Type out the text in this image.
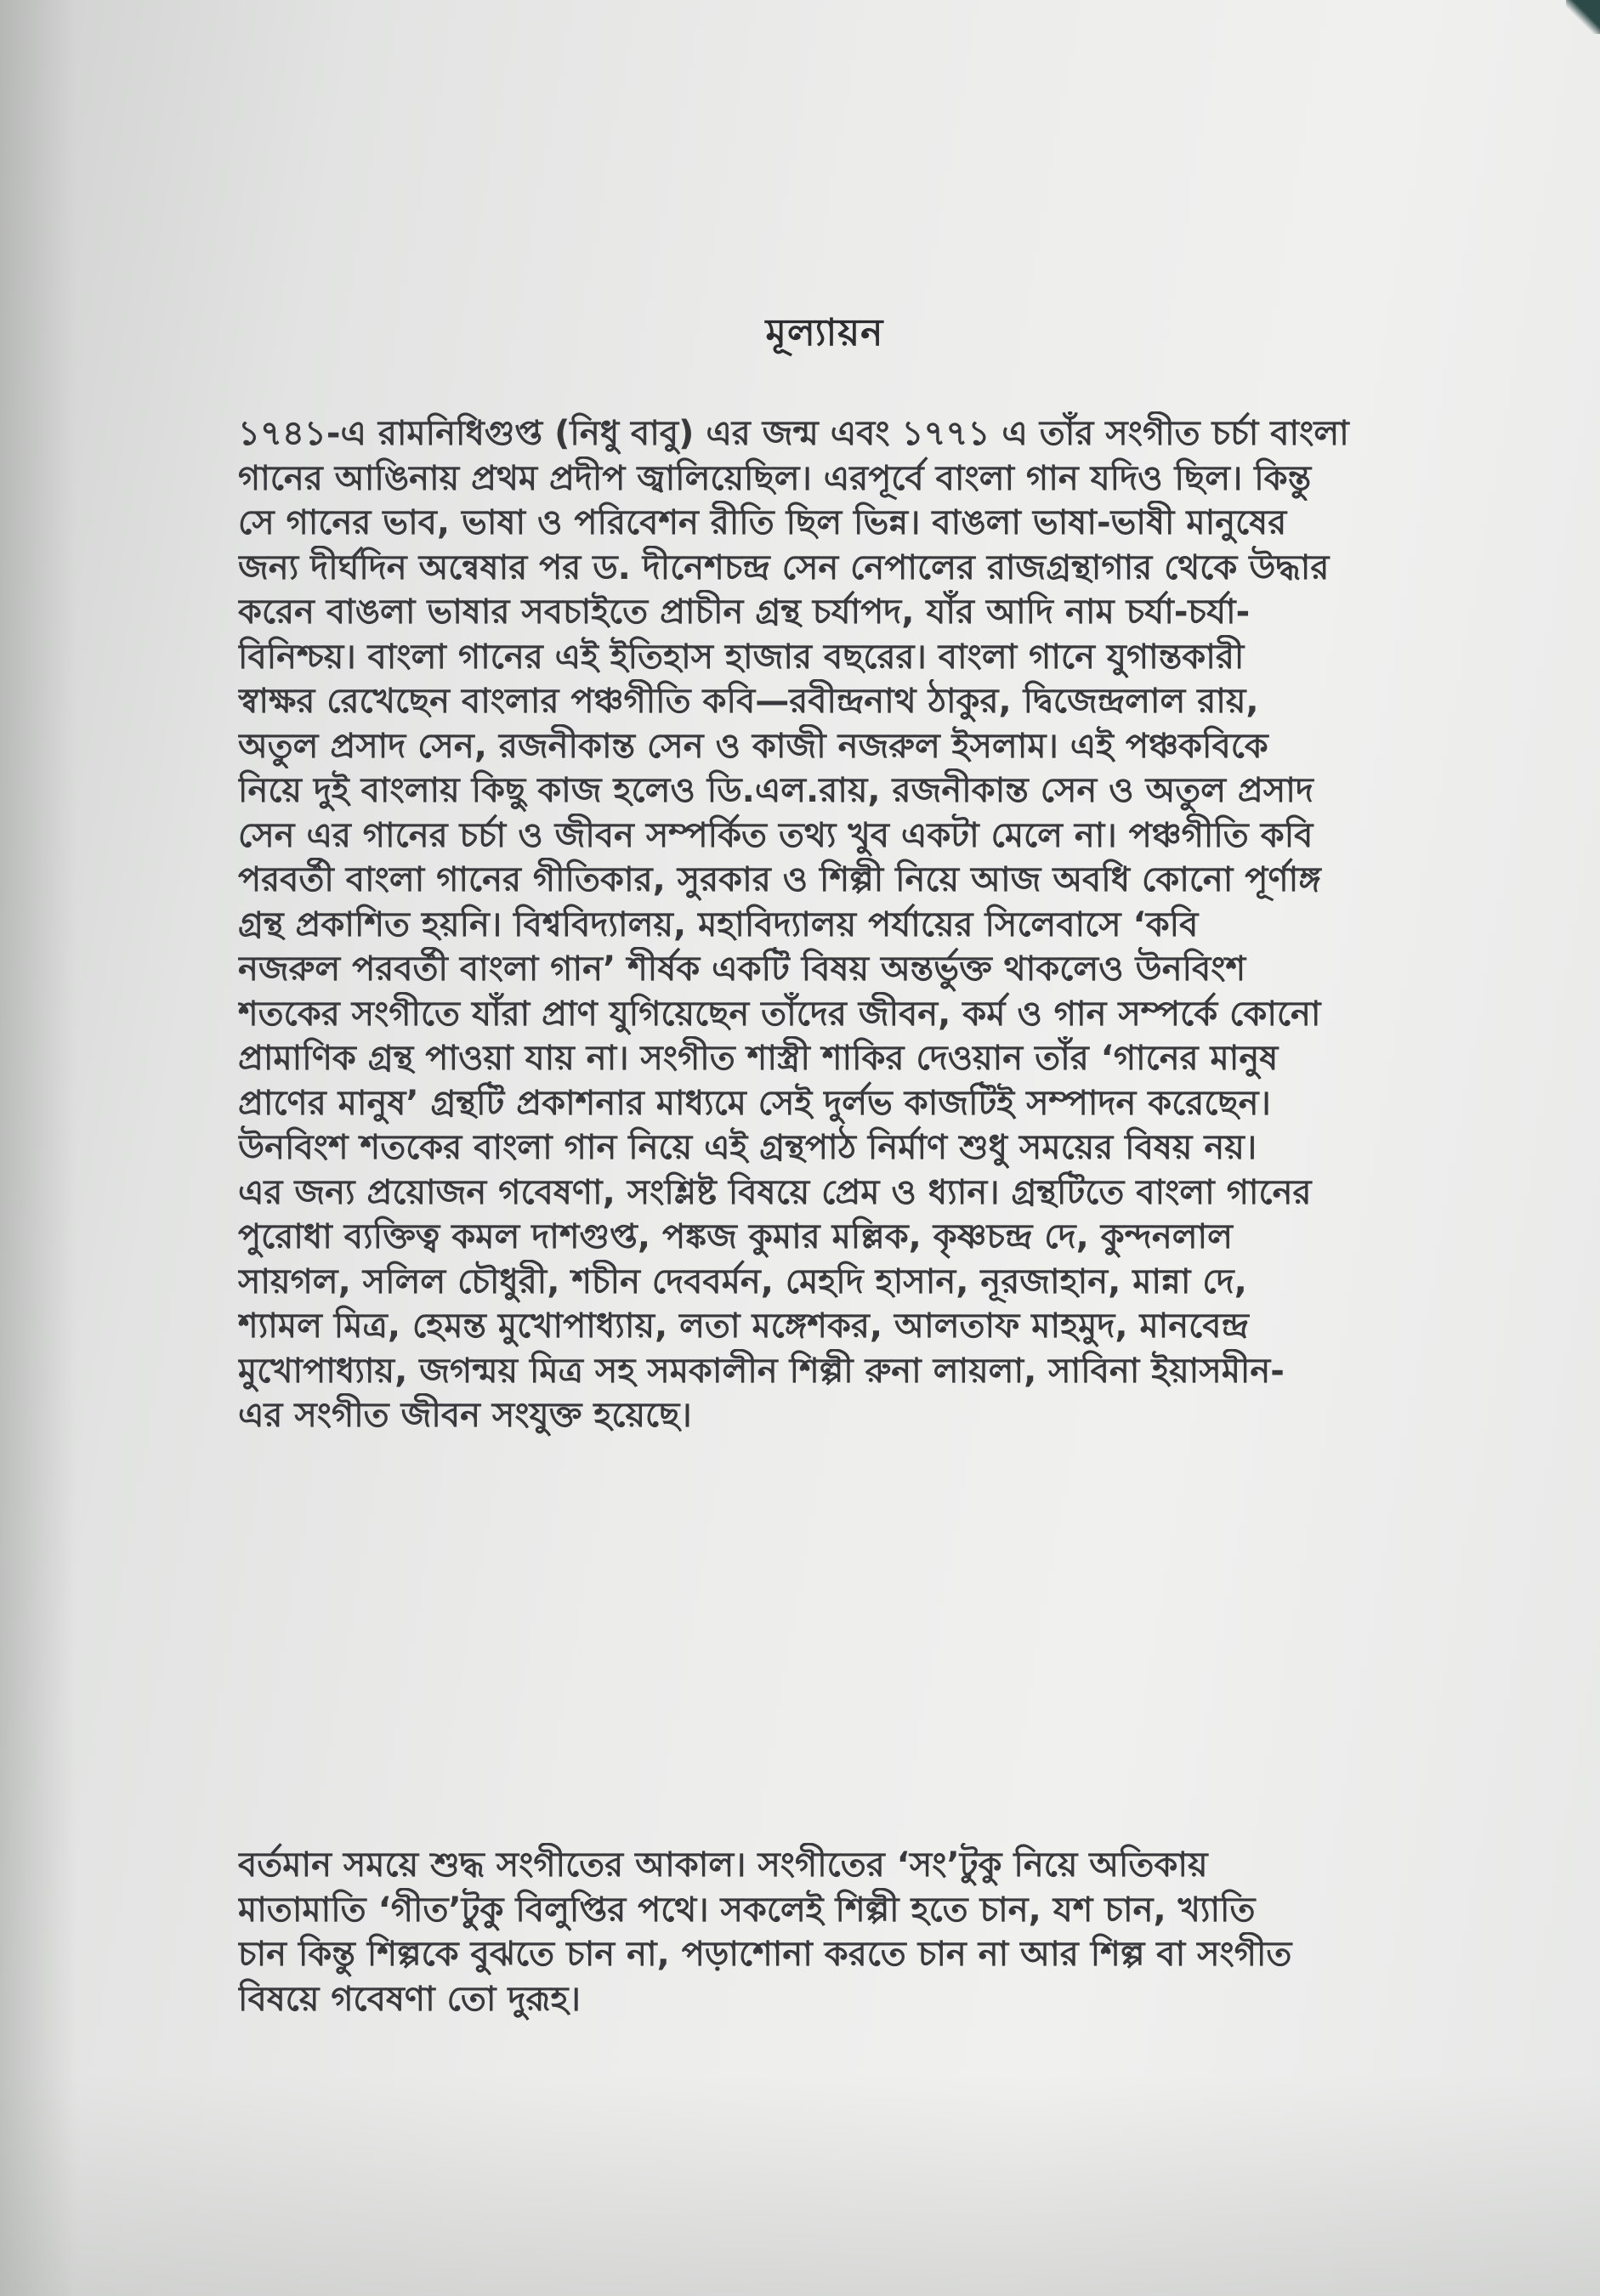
মূল্যায়ন
১৭৪১-এ রামনিধিগুপ্ত (নিধু বাবু) এর জন্ম এবং ১৭৭১ এ তাঁর সংগীত চর্চা বাংলা
গানের আঙিনায় প্রথম প্রদীপ জ্বালিয়েছিল। এরপূর্বে বাংলা গান যদিও ছিল। কিন্তু
সে গানের ভাব, ভাষা ও পরিবেশন রীতি ছিল ভিন্ন। বাঙলা ভাষা-ভাষী মানুষের
জন্য দীর্ঘদিন অন্বেষার পর ড. দীনেশচন্দ্র সেন নেপালের রাজগ্রন্থাগার থেকে উদ্ধার
করেন বাঙলা ভাষার সবচাইতে প্রাচীন গ্রন্থ চর্যাপদ, যাঁর আদি নাম চর্যা-চর্যা-
বিনিশ্চয়। বাংলা গানের এই ইতিহাস হাজার বছরের। বাংলা গানে যুগান্তকারী
স্বাক্ষর রেখেছেন বাংলার পঞ্চগীতি কবি—রবীন্দ্রনাথ ঠাকুর, দ্বিজেন্দ্রলাল রায়,
অতুল প্রসাদ সেন, রজনীকান্ত সেন ও কাজী নজরুল ইসলাম। এই পঞ্চকবিকে
নিয়ে দুই বাংলায় কিছু কাজ হলেও ডি.এল.রায়, রজনীকান্ত সেন ও অতুল প্রসাদ
সেন এর গানের চর্চা ও জীবন সম্পর্কিত তথ্য খুব একটা মেলে না। পঞ্চগীতি কবি
পরবর্তী বাংলা গানের গীতিকার, সুরকার ও শিল্পী নিয়ে আজ অবধি কোনো পূর্ণাঙ্গ
গ্রন্থ প্রকাশিত হয়নি। বিশ্ববিদ্যালয়, মহাবিদ্যালয় পর্যায়ের সিলেবাসে ‘কবি
নজরুল পরবর্তী বাংলা গান’ শীর্ষক একটি বিষয় অন্তর্ভুক্ত থাকলেও উনবিংশ
শতকের সংগীতে যাঁরা প্রাণ যুগিয়েছেন তাঁদের জীবন, কর্ম ও গান সম্পর্কে কোনো
প্রামাণিক গ্রন্থ পাওয়া যায় না। সংগীত শাস্ত্রী শাকির দেওয়ান তাঁর ‘গানের মানুষ
প্রাণের মানুষ’ গ্রন্থটি প্রকাশনার মাধ্যমে সেই দুর্লভ কাজটিই সম্পাদন করেছেন।
উনবিংশ শতকের বাংলা গান নিয়ে এই গ্রন্থপাঠ নির্মাণ শুধু সময়ের বিষয় নয়।
এর জন্য প্রয়োজন গবেষণা, সংশ্লিষ্ট বিষয়ে প্রেম ও ধ্যান। গ্রন্থটিতে বাংলা গানের
পুরোধা ব্যক্তিত্ব কমল দাশগুপ্ত, পঙ্কজ কুমার মল্লিক, কৃষ্ণচন্দ্র দে, কুন্দনলাল
সায়গল, সলিল চৌধুরী, শচীন দেববর্মন, মেহদি হাসান, নূরজাহান, মান্না দে,
শ্যামল মিত্র, হেমন্ত মুখোপাধ্যায়, লতা মঙ্গেশকর, আলতাফ মাহমুদ, মানবেন্দ্র
মুখোপাধ্যায়, জগন্ময় মিত্র সহ সমকালীন শিল্পী রুনা লায়লা, সাবিনা ইয়াসমীন-
এর সংগীত জীবন সংযুক্ত হয়েছে।
বর্তমান সময়ে শুদ্ধ সংগীতের আকাল। সংগীতের ‘সং’টুকু নিয়ে অতিকায়
মাতামাতি ‘গীত’টুকু বিলুপ্তির পথে। সকলেই শিল্পী হতে চান, যশ চান, খ্যাতি
চান কিন্তু শিল্পকে বুঝতে চান না, পড়াশোনা করতে চান না আর শিল্প বা সংগীত
বিষয়ে গবেষণা তো দুরূহ।
